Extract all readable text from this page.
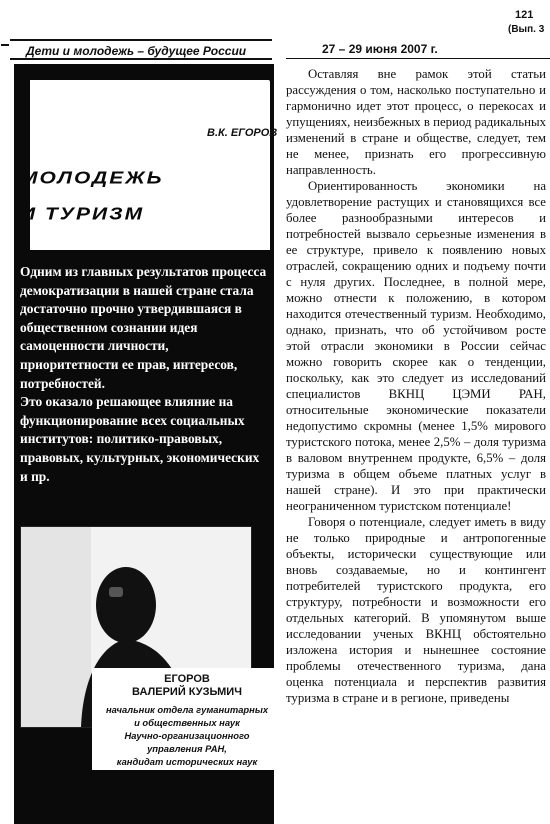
121
(Вып. 3
Дети и молодежь – будущее России	27 – 29 июня 2007 г.
В.К. ЕГОРОВ
МОЛОДЕЖЬ
И ТУРИЗМ

Одним из главных результатов процесса демократизации в нашей стране стала достаточно прочно утвердившаяся в общественном сознании идея самоценности личности, приоритетности ее прав, интересов, потребностей.

Это оказало решающее влияние на функционирование всех социальных институтов: политико-правовых, правовых, культурных, экономических и пр.

ЕГОРОВ
ВАЛЕРИЙ КУЗЬМИЧ
начальник отдела гуманитарных
и общественных наук
Научно-организационного
управления РАН,
кандидат исторических наук

Оставляя вне рамок этой статьи рассуждения о том, насколько поступательно и гармонично идет этот процесс, о перекосах и упущениях, неизбежных в период радикальных изменений в стране и обществе, следует, тем не менее, признать его прогрессивную направленность.

Ориентированность экономики на удовлетворение растущих и становящихся все более разнообразными интересов и потребностей вызвало серьезные изменения в ее структуре, привело к появлению новых отраслей, сокращению одних и подъему почти с нуля других. Последнее, в полной мере, можно отнести к положению, в котором находится отечественный туризм. Необходимо, однако, признать, что об устойчивом росте этой отрасли экономики в России сейчас можно говорить скорее как о тенденции, поскольку, как это следует из исследований специалистов ВКНЦ ЦЭМИ РАН, относительные экономические показатели недопустимо скромны (менее 1,5% мирового туристского потока, менее 2,5% – доля туризма в валовом внутреннем продукте, 6,5% – доля туризма в общем объеме платных услуг в нашей стране). И это при практически неограниченном туристском потенциале!

Говоря о потенциале, следует иметь в виду не только природные и антропогенные объекты, исторически существующие или вновь создаваемые, но и контингент потребителей туристского продукта, его структуру, потребности и возможности его отдельных категорий. В упомянутом выше исследовании ученых ВКНЦ обстоятельно изложена история и нынешнее состояние проблемы отечественного туризма, дана оценка потенциала и перспектив развития туризма в стране и в регионе, приведены
